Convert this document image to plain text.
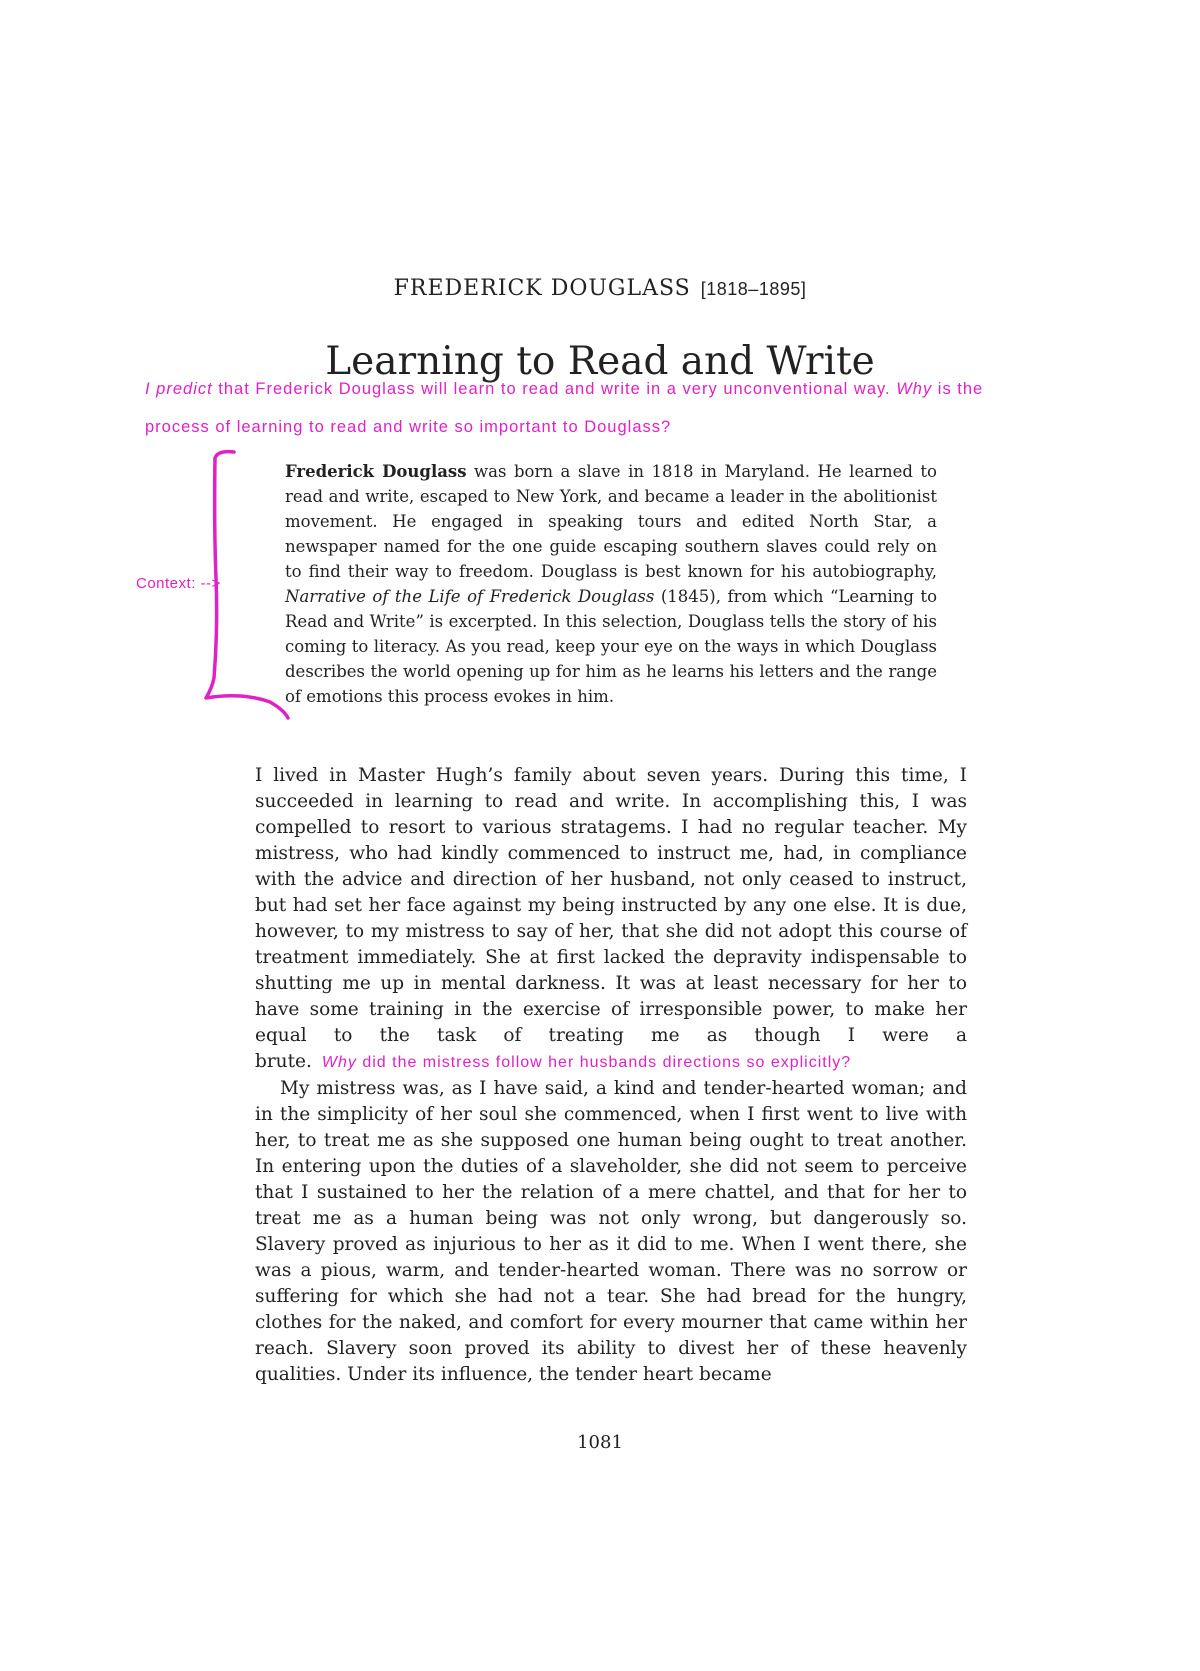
FREDERICK DOUGLASS [1818–1895]
Learning to Read and Write
I predict that Frederick Douglass will learn to read and write in a very unconventional way. Why is the
process of learning to read and write so important to Douglass?
Context: -->

Frederick Douglass was born a slave in 1818 in Maryland. He learned to read and write, escaped to New York, and became a leader in the abolitionist movement. He engaged in speaking tours and edited North Star, a newspaper named for the one guide escaping southern slaves could rely on to find their way to freedom. Douglass is best known for his autobiography, Narrative of the Life of Frederick Douglass (1845), from which “Learning to Read and Write” is excerpted. In this selection, Douglass tells the story of his coming to literacy. As you read, keep your eye on the ways in which Douglass describes the world opening up for him as he learns his letters and the range of emotions this process evokes in him.

I lived in Master Hugh’s family about seven years. During this time, I succeeded in learning to read and write. In accomplishing this, I was compelled to resort to various stratagems. I had no regular teacher. My mistress, who had kindly commenced to instruct me, had, in compliance with the advice and direction of her husband, not only ceased to instruct, but had set her face against my being instructed by any one else. It is due, however, to my mistress to say of her, that she did not adopt this course of treatment immediately. She at first lacked the depravity indispensable to shutting me up in mental darkness. It was at least necessary for her to have some training in the exercise of irresponsible power, to make her equal to the task of treating me as though I were a brute. Why did the mistress follow her husbands directions so explicitly?

My mistress was, as I have said, a kind and tender-hearted woman; and in the simplicity of her soul she commenced, when I first went to live with her, to treat me as she supposed one human being ought to treat another. In entering upon the duties of a slaveholder, she did not seem to perceive that I sustained to her the relation of a mere chattel, and that for her to treat me as a human being was not only wrong, but dangerously so. Slavery proved as injurious to her as it did to me. When I went there, she was a pious, warm, and tender-hearted woman. There was no sorrow or suffering for which she had not a tear. She had bread for the hungry, clothes for the naked, and comfort for every mourner that came within her reach. Slavery soon proved its ability to divest her of these heavenly qualities. Under its influence, the tender heart became

1081
